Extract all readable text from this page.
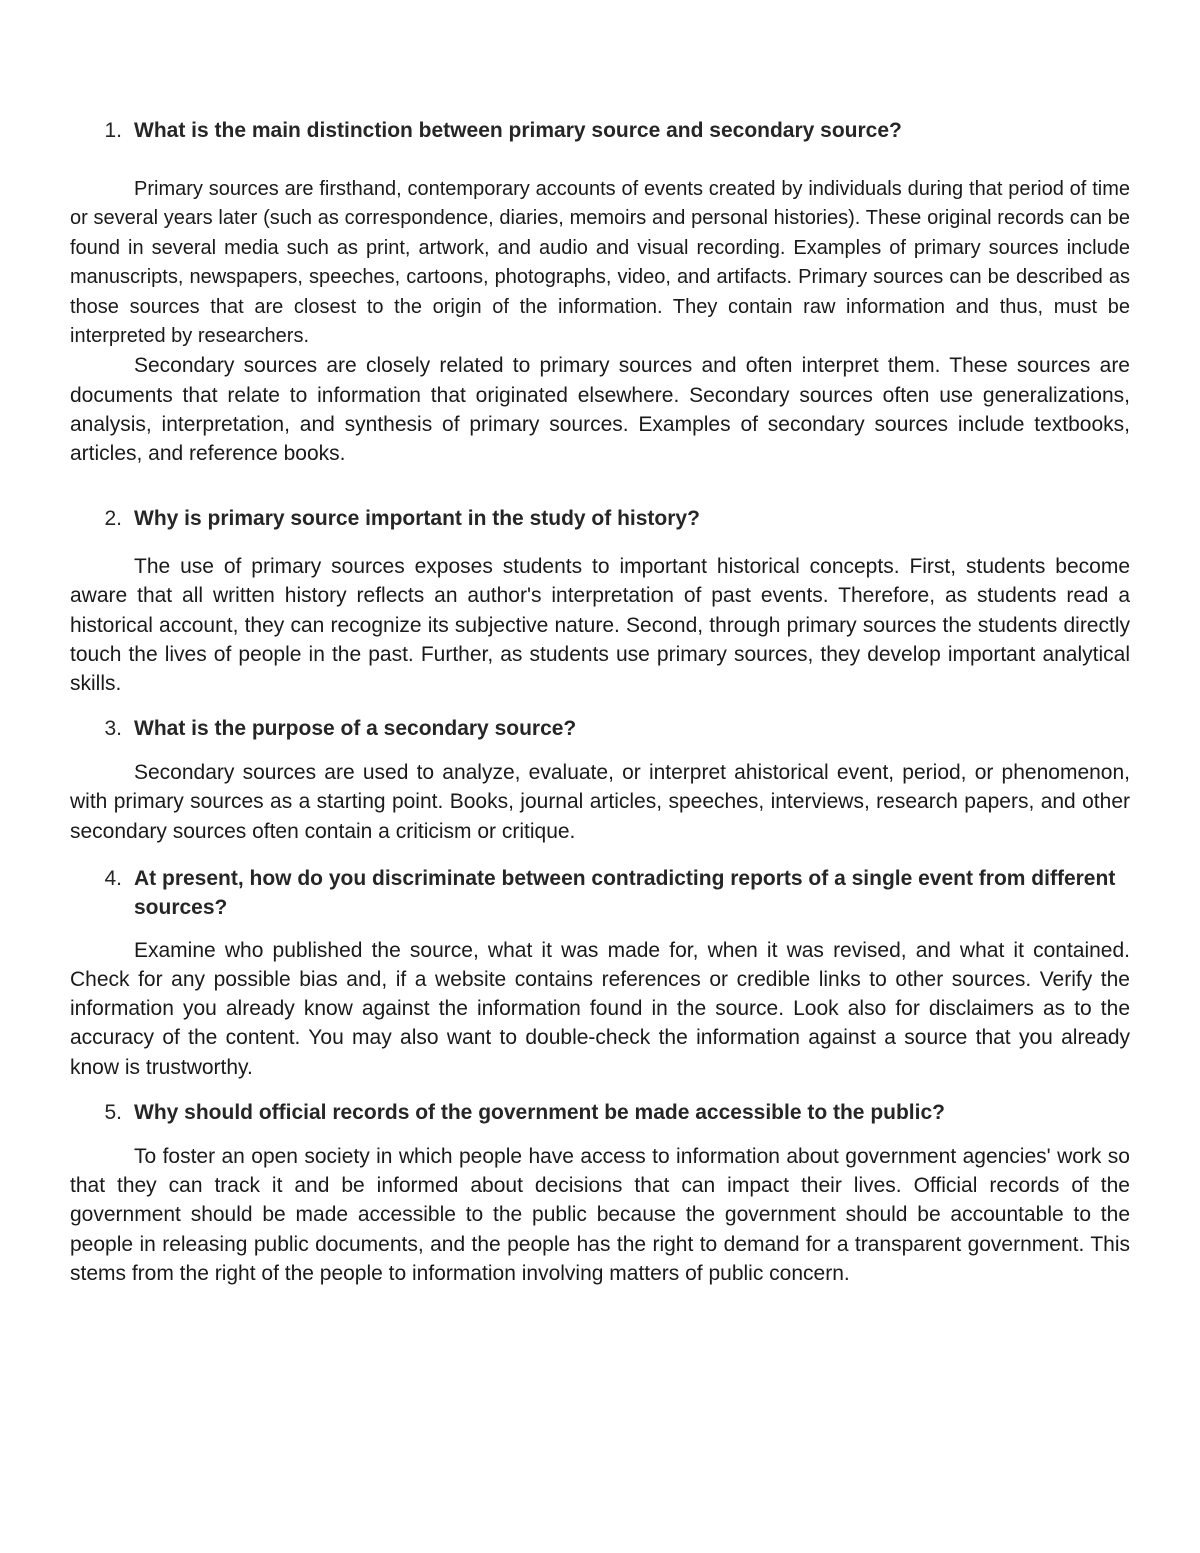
1. What is the main distinction between primary source and secondary source?

Primary sources are firsthand, contemporary accounts of events created by individuals during that period of time or several years later (such as correspondence, diaries, memoirs and personal histories). These original records can be found in several media such as print, artwork, and audio and visual recording. Examples of primary sources include manuscripts, newspapers, speeches, cartoons, photographs, video, and artifacts. Primary sources can be described as those sources that are closest to the origin of the information. They contain raw information and thus, must be interpreted by researchers.

Secondary sources are closely related to primary sources and often interpret them. These sources are documents that relate to information that originated elsewhere. Secondary sources often use generalizations, analysis, interpretation, and synthesis of primary sources. Examples of secondary sources include textbooks, articles, and reference books.

2. Why is primary source important in the study of history?

The use of primary sources exposes students to important historical concepts. First, students become aware that all written history reflects an author's interpretation of past events. Therefore, as students read a historical account, they can recognize its subjective nature. Second, through primary sources the students directly touch the lives of people in the past. Further, as students use primary sources, they develop important analytical skills.

3. What is the purpose of a secondary source?

Secondary sources are used to analyze, evaluate, or interpret ahistorical event, period, or phenomenon, with primary sources as a starting point. Books, journal articles, speeches, interviews, research papers, and other secondary sources often contain a criticism or critique.

4. At present, how do you discriminate between contradicting reports of a single event from different sources?

Examine who published the source, what it was made for, when it was revised, and what it contained. Check for any possible bias and, if a website contains references or credible links to other sources. Verify the information you already know against the information found in the source. Look also for disclaimers as to the accuracy of the content. You may also want to double-check the information against a source that you already know is trustworthy.

5. Why should official records of the government be made accessible to the public?

To foster an open society in which people have access to information about government agencies' work so that they can track it and be informed about decisions that can impact their lives. Official records of the government should be made accessible to the public because the government should be accountable to the people in releasing public documents, and the people has the right to demand for a transparent government. This stems from the right of the people to information involving matters of public concern.
